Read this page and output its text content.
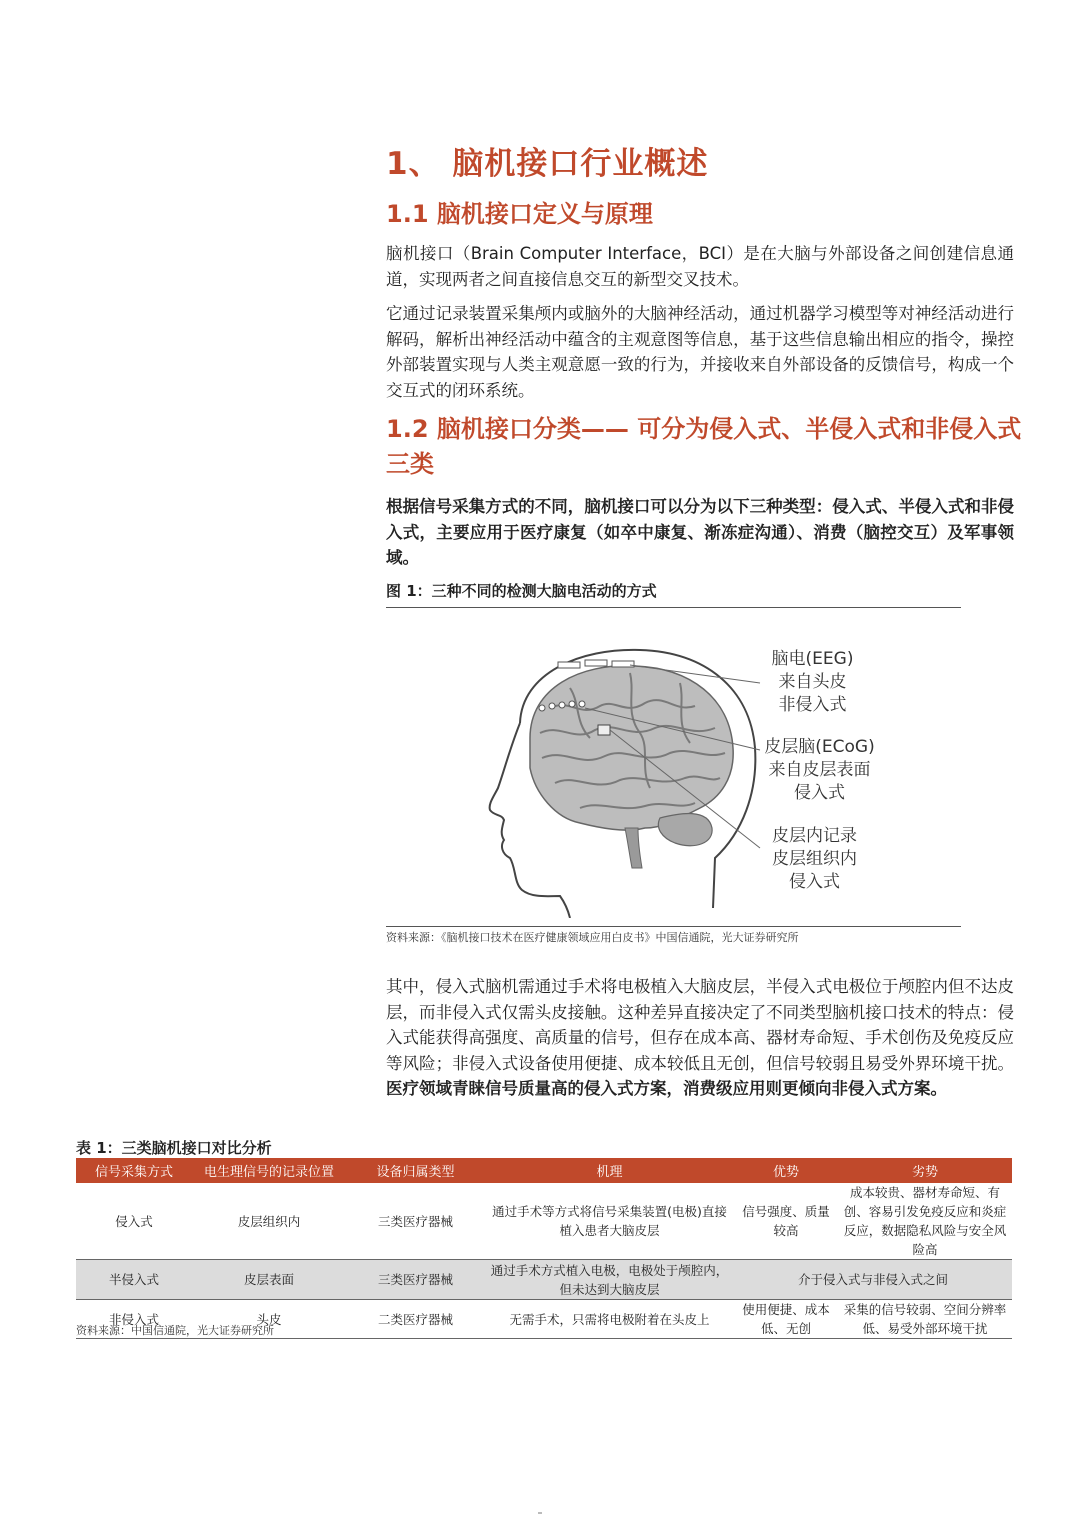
1、 脑机接口行业概述
1.1 脑机接口定义与原理

脑机接口（Brain Computer Interface，BCI）是在大脑与外部设备之间创建信息通道，实现两者之间直接信息交互的新型交叉技术。

它通过记录装置采集颅内或脑外的大脑神经活动，通过机器学习模型等对神经活动进行解码，解析出神经活动中蕴含的主观意图等信息，基于这些信息输出相应的指令，操控外部装置实现与人类主观意愿一致的行为，并接收来自外部设备的反馈信号，构成一个交互式的闭环系统。

1.2 脑机接口分类—— 可分为侵入式、半侵入式和非侵入式三类

根据信号采集方式的不同，脑机接口可以分为以下三种类型：侵入式、半侵入式和非侵入式，主要应用于医疗康复（如卒中康复、渐冻症沟通）、消费（脑控交互）及军事领域。

图 1：三种不同的检测大脑电活动的方式
脑电(EEG)
来自头皮
非侵入式
皮层脑(ECoG)
来自皮层表面
侵入式
皮层内记录
皮层组织内
侵入式
资料来源：《脑机接口技术在医疗健康领域应用白皮书》中国信通院，光大证券研究所

其中，侵入式脑机需通过手术将电极植入大脑皮层，半侵入式电极位于颅腔内但不达皮层，而非侵入式仅需头皮接触。这种差异直接决定了不同类型脑机接口技术的特点：侵入式能获得高强度、高质量的信号，但存在成本高、器材寿命短、手术创伤及免疫反应等风险；非侵入式设备使用便捷、成本较低且无创，但信号较弱且易受外界环境干扰。医疗领域青睐信号质量高的侵入式方案，消费级应用则更倾向非侵入式方案。

表 1：三类脑机接口对比分析
信号采集方式	电生理信号的记录位置	设备归属类型	机理	优势	劣势
侵入式	皮层组织内	三类医疗器械	通过手术等方式将信号采集装置(电极)直接植入患者大脑皮层	信号强度、质量较高	成本较贵、器材寿命短、有创、容易引发免疫反应和炎症反应，数据隐私风险与安全风险高
半侵入式	皮层表面	三类医疗器械	通过手术方式植入电极，电极处于颅腔内，但未达到大脑皮层	介于侵入式与非侵入式之间	
非侵入式	头皮	二类医疗器械	无需手术，只需将电极附着在头皮上	使用便捷、成本低、无创	采集的信号较弱、空间分辨率低、易受外部环境干扰
资料来源：中国信通院，光大证券研究所
